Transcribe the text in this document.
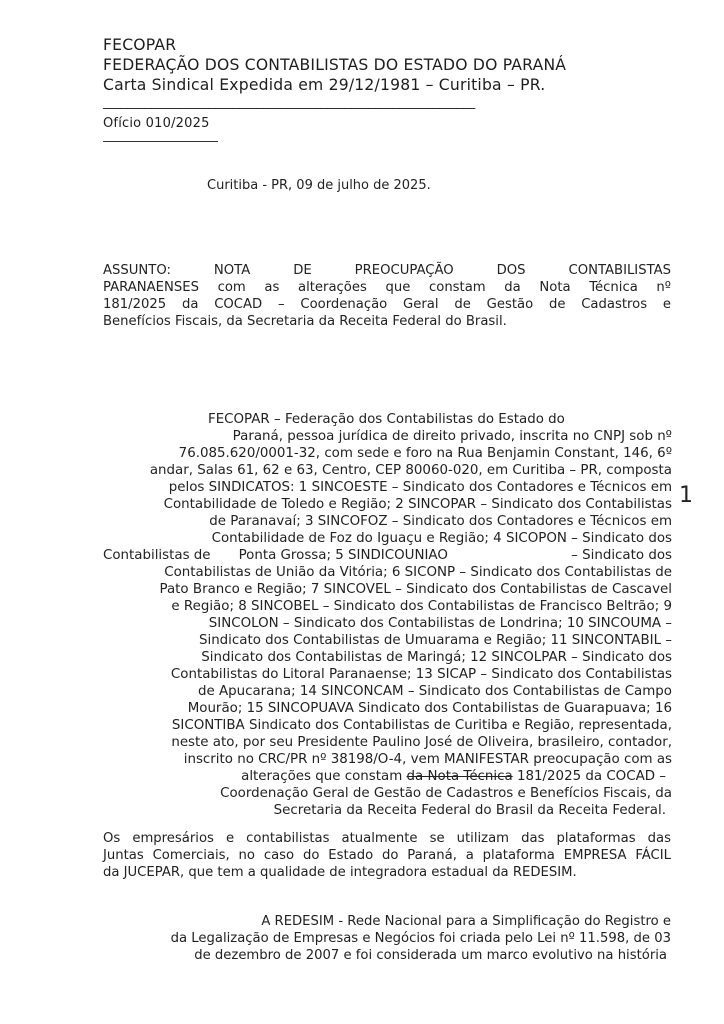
FECOPAR
FEDERAÇÃO DOS CONTABILISTAS DO ESTADO DO PARANÁ
Carta Sindical Expedida em 29/12/1981 – Curitiba – PR.
_______________________________________________________________
Ofício 010/2025
Curitiba - PR, 09 de julho de 2025.
ASSUNTO: NOTA DE PREOCUPAÇÃO DOS CONTABILISTAS
PARANAENSES com as alterações que constam da Nota Técnica nº
181/2025 da COCAD – Coordenação Geral de Gestão de Cadastros e
Benefícios Fiscais, da Secretaria da Receita Federal do Brasil.
FECOPAR – Federação dos Contabilistas do Estado do
Paraná, pessoa jurídica de direito privado, inscrita no CNPJ sob nº
76.085.620/0001-32, com sede e foro na Rua Benjamin Constant, 146, 6º
andar, Salas 61, 62 e 63, Centro, CEP 80060-020, em Curitiba – PR, composta
pelos SINDICATOS: 1 SINCOESTE – Sindicato dos Contadores e Técnicos em
Contabilidade de Toledo e Região; 2 SINCOPAR – Sindicato dos Contabilistas
de Paranavaí; 3 SINCOFOZ – Sindicato dos Contadores e Técnicos em
Contabilidade de Foz do Iguaçu e Região; 4 SICOPON – Sindicato dos
Contabilistas de Ponta Grossa; 5 SINDICOUNIAO	– Sindicato dos
Contabilistas de União da Vitória; 6 SICONP – Sindicato dos Contabilistas de
Pato Branco e Região; 7 SINCOVEL – Sindicato dos Contabilistas de Cascavel
e Região; 8 SINCOBEL – Sindicato dos Contabilistas de Francisco Beltrão; 9
SINCOLON – Sindicato dos Contabilistas de Londrina; 10 SINCOUMA –
Sindicato dos Contabilistas de Umuarama e Região; 11 SINCONTABIL –
Sindicato dos Contabilistas de Maringá; 12 SINCOLPAR – Sindicato dos
Contabilistas do Litoral Paranaense; 13 SICAP – Sindicato dos Contabilistas
de Apucarana; 14 SINCONCAM – Sindicato dos Contabilistas de Campo
Mourão; 15 SINCOPUAVA Sindicato dos Contabilistas de Guarapuava; 16
SICONTIBA Sindicato dos Contabilistas de Curitiba e Região, representada,
neste ato, por seu Presidente Paulino José de Oliveira, brasileiro, contador,
inscrito no CRC/PR nº 38198/O-4, vem MANIFESTAR preocupação com as
alterações que constam da Nota Técnica 181/2025 da COCAD –
Coordenação Geral de Gestão de Cadastros e Benefícios Fiscais, da
Secretaria da Receita Federal do Brasil da Receita Federal.
1
Os empresários e contabilistas atualmente se utilizam das plataformas das
Juntas Comerciais, no caso do Estado do Paraná, a plataforma EMPRESA FÁCIL
da JUCEPAR, que tem a qualidade de integradora estadual da REDESIM.
A REDESIM - Rede Nacional para a Simplificação do Registro e
da Legalização de Empresas e Negócios foi criada pelo Lei nº 11.598, de 03
de dezembro de 2007 e foi considerada um marco evolutivo na história
